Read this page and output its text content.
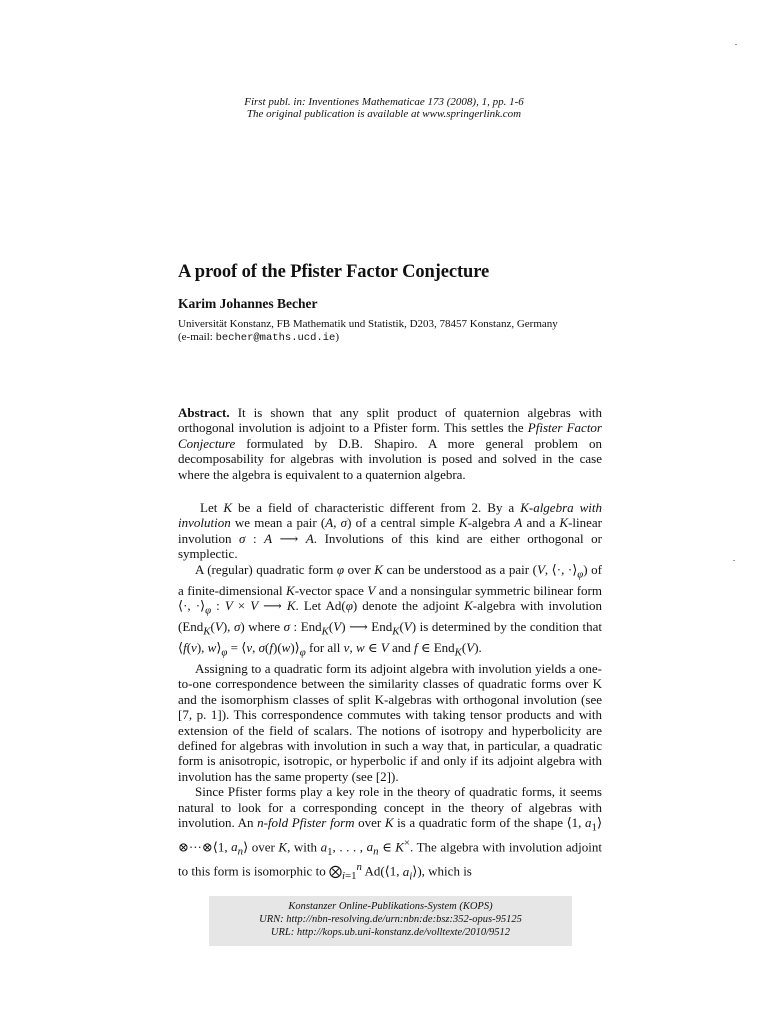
First publ. in: Inventiones Mathematicae 173 (2008), 1, pp. 1-6
The original publication is available at www.springerlink.com
A proof of the Pfister Factor Conjecture
Karim Johannes Becher
Universität Konstanz, FB Mathematik und Statistik, D203, 78457 Konstanz, Germany
(e-mail: becher@maths.ucd.ie)
Abstract. It is shown that any split product of quaternion algebras with orthogonal involution is adjoint to a Pfister form. This settles the Pfister Factor Conjecture formulated by D.B. Shapiro. A more general problem on decomposability for algebras with involution is posed and solved in the case where the algebra is equivalent to a quaternion algebra.

Let K be a field of characteristic different from 2. By a K-algebra with involution we mean a pair (A, σ) of a central simple K-algebra A and a K-linear involution σ : A ⟶ A. Involutions of this kind are either orthogonal or symplectic.

A (regular) quadratic form φ over K can be understood as a pair (V, ⟨·, $\cdot⟩_\varphi$) of a finite-dimensional K-vector space V and a nonsingular symmetric bilinear form ⟨·, $\cdot⟩_\varphi$ : V × V ⟶ K. Let Ad(φ) denote the adjoint K-algebra with involution (End$_K$(V), σ) where σ : End$_K$(V) ⟶ End$_K$(V) is determined by the condition that ⟨f(v), $w⟩_\varphi$ = ⟨v, $\sigma(f)(w)⟩_\varphi$ for all v, w ∈ V and f ∈ End$_K$(V).

Assigning to a quadratic form its adjoint algebra with involution yields a one-to-one correspondence between the similarity classes of quadratic forms over K and the isomorphism classes of split K-algebras with orthogonal involution (see [7, p. 1]). This correspondence commutes with taking tensor products and with extension of the field of scalars. The notions of isotropy and hyperbolicity are defined for algebras with involution in such a way that, in particular, a quadratic form is anisotropic, isotropic, or hyperbolic if and only if its adjoint algebra with involution has the same property (see [2]).

Since Pfister forms play a key role in the theory of quadratic forms, it seems natural to look for a corresponding concept in the theory of algebras with involution. An n-fold Pfister form over K is a quadratic form of the shape ⟨1, $a_1⟩\otimes\cdot\cdot\cdot\otimes⟨1$, $a_n⟩$ over K, with $a_1$, . . . , $a_n$ ∈ K×. The algebra with involution adjoint to this form is isomorphic to $⨂_{i=1}^n$ Ad(⟨1, $a_i⟩$), which is

Konstanzer Online-Publikations-System (KOPS)
URN: http://nbn-resolving.de/urn:nbn:de:bsz:352-opus-95125
URL: http://kops.ub.uni-konstanz.de/volltexte/2010/9512
